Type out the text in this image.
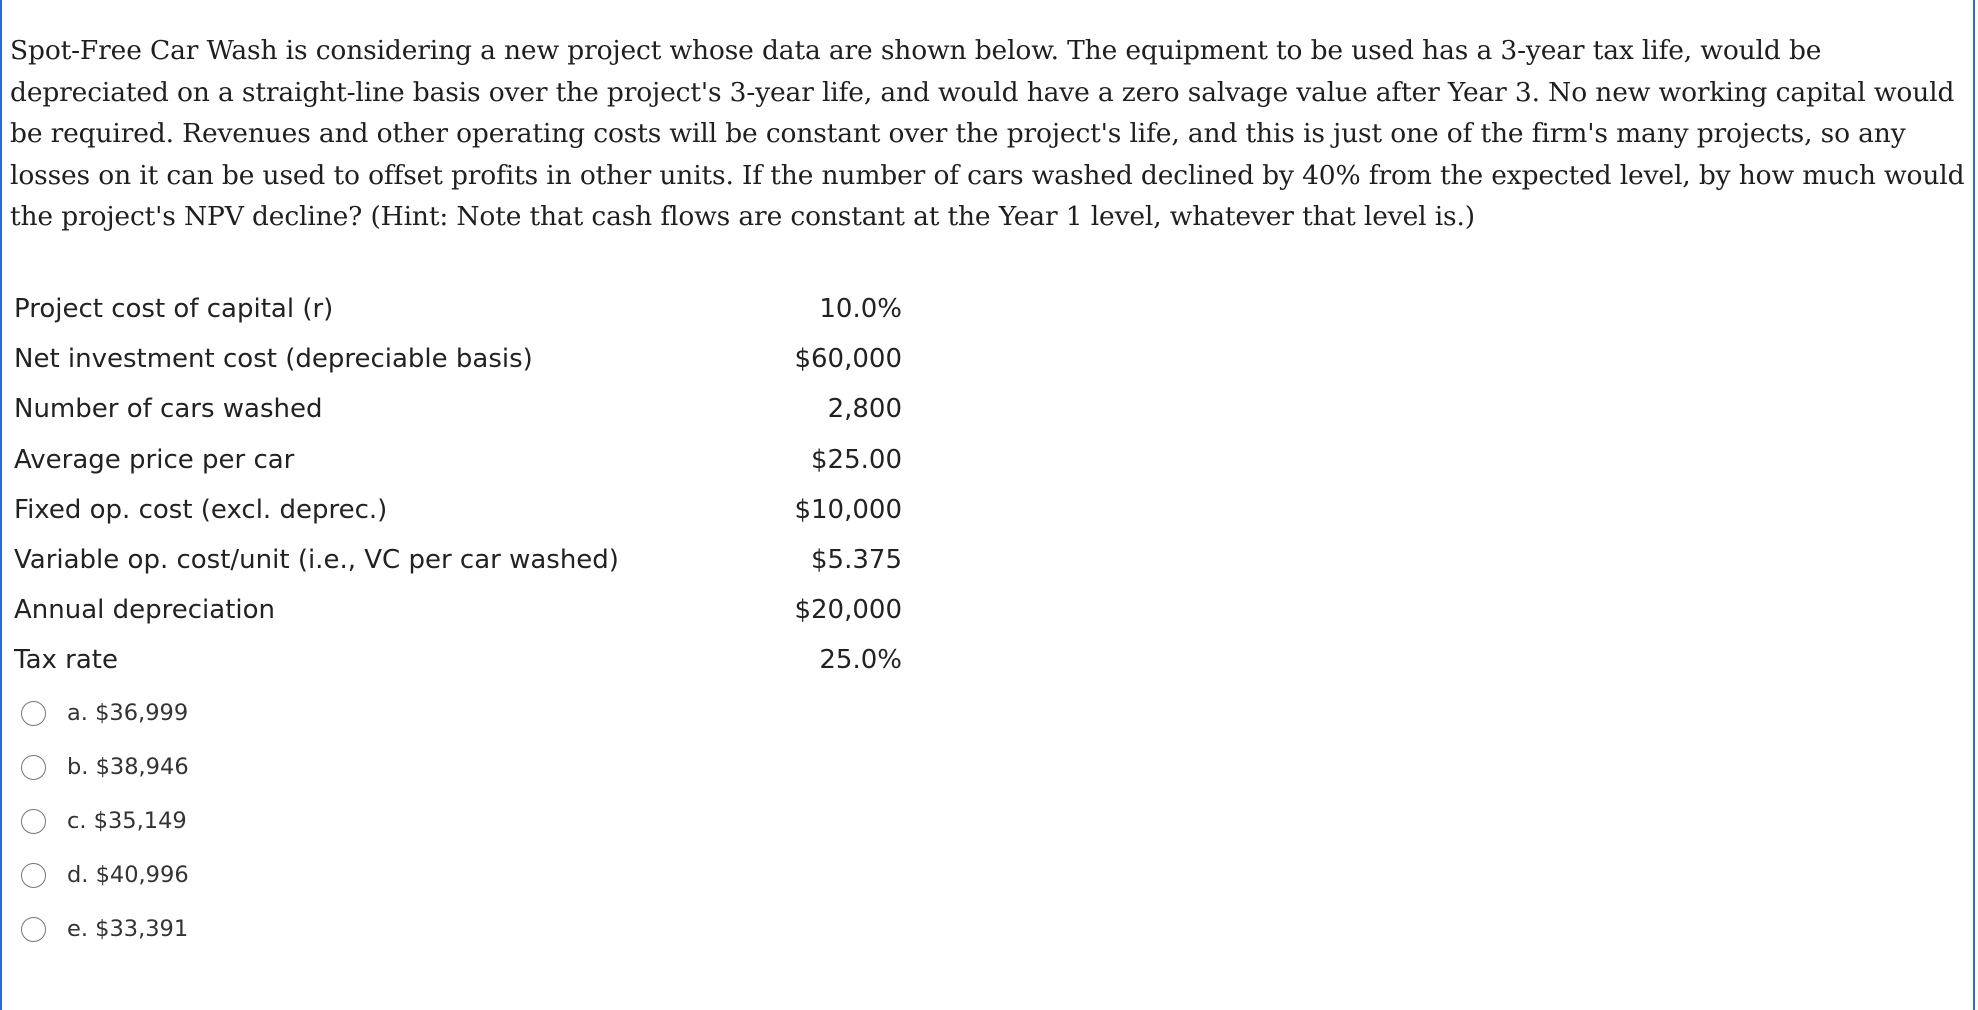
Spot-Free Car Wash is considering a new project whose data are shown below. The equipment to be used has a 3-year tax life, would be depreciated on a straight-line basis over the project's 3-year life, and would have a zero salvage value after Year 3. No new working capital would be required. Revenues and other operating costs will be constant over the project's life, and this is just one of the firm's many projects, so any losses on it can be used to offset profits in other units. If the number of cars washed declined by 40% from the expected level, by how much would the project's NPV decline? (Hint: Note that cash flows are constant at the Year 1 level, whatever that level is.)
Project cost of capital (r)	10.0%
Net investment cost (depreciable basis)	$60,000
Number of cars washed	2,800
Average price per car	$25.00
Fixed op. cost (excl. deprec.)	$10,000
Variable op. cost/unit (i.e., VC per car washed)	$5.375
Annual depreciation	$20,000
Tax rate	25.0%
a. $36,999
b. $38,946
c. $35,149
d. $40,996
e. $33,391
